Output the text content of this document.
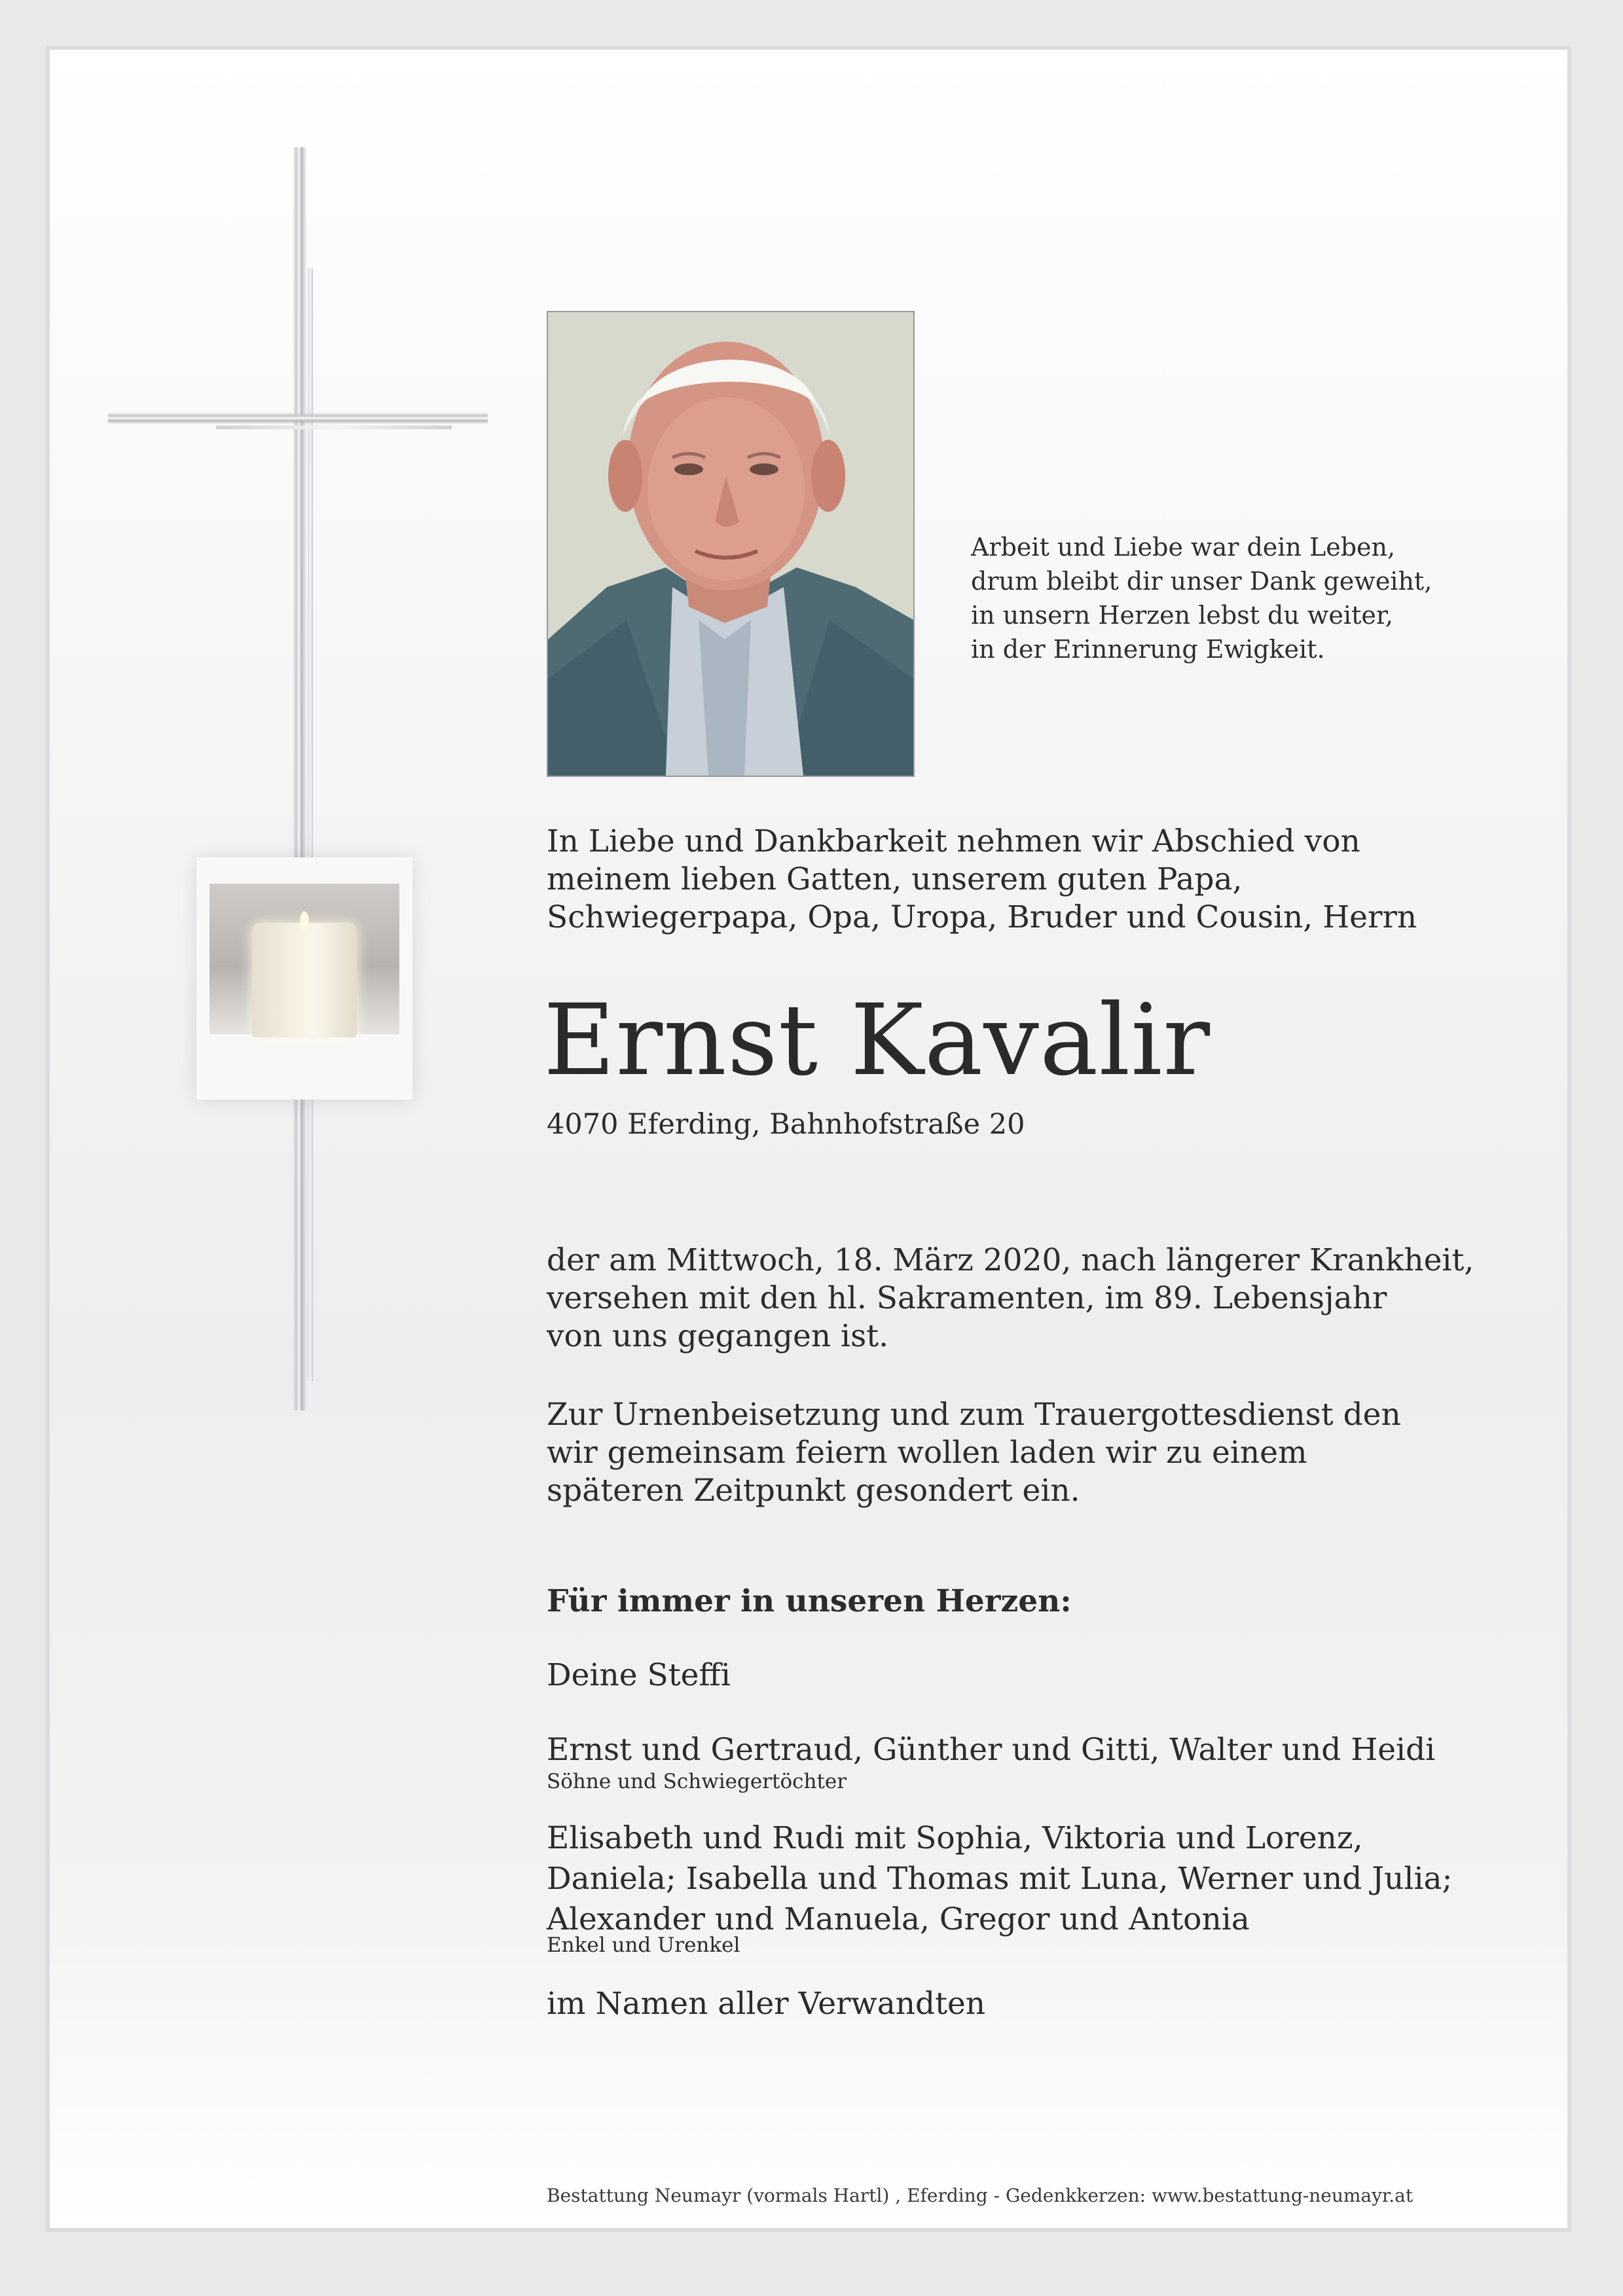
Arbeit und Liebe war dein Leben,
drum bleibt dir unser Dank geweiht,
in unsern Herzen lebst du weiter,
in der Erinnerung Ewigkeit.
In Liebe und Dankbarkeit nehmen wir Abschied von
meinem lieben Gatten, unserem guten Papa,
Schwiegerpapa, Opa, Uropa, Bruder und Cousin, Herrn
Ernst Kavalir
4070 Eferding, Bahnhofstraße 20
der am Mittwoch, 18. März 2020, nach längerer Krankheit,
versehen mit den hl. Sakramenten, im 89. Lebensjahr
von uns gegangen ist.
Zur Urnenbeisetzung und zum Trauergottesdienst den
wir gemeinsam feiern wollen laden wir zu einem
späteren Zeitpunkt gesondert ein.
Für immer in unseren Herzen:
Deine Steffi
Ernst und Gertraud, Günther und Gitti, Walter und Heidi
Söhne und Schwiegertöchter
Elisabeth und Rudi mit Sophia, Viktoria und Lorenz,
Daniela; Isabella und Thomas mit Luna, Werner und Julia;
Alexander und Manuela, Gregor und Antonia
Enkel und Urenkel
im Namen aller Verwandten
Bestattung Neumayr (vormals Hartl) , Eferding - Gedenkkerzen: www.bestattung-neumayr.at
